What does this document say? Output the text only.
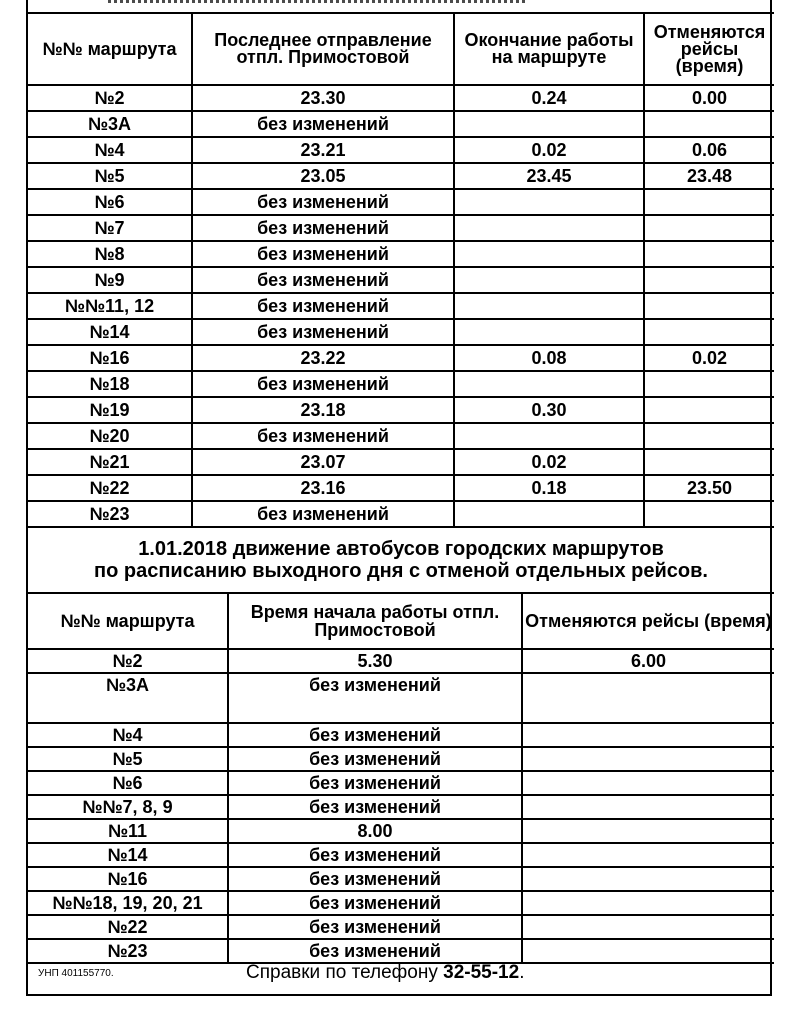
№№ маршрута	Последнее отправление отпл. Примостовой	Окончание работы на маршруте	Отменяются рейсы (время)
№2	23.30	0.24	0.00
№3А	без изменений		
№4	23.21	0.02	0.06
№5	23.05	23.45	23.48
№6	без изменений		
№7	без изменений		
№8	без изменений		
№9	без изменений		
№№11, 12	без изменений		
№14	без изменений		
№16	23.22	0.08	0.02
№18	без изменений		
№19	23.18	0.30	
№20	без изменений		
№21	23.07	0.02	
№22	23.16	0.18	23.50
№23	без изменений		
1.01.2018 движение автобусов городских маршрутов
по расписанию выходного дня с отменой отдельных рейсов.
№№ маршрута	Время начала работы отпл. Примостовой	Отменяются рейсы (время)
№2	5.30	6.00
№3А	без изменений	
№4	без изменений	
№5	без изменений	
№6	без изменений	
№№7, 8, 9	без изменений	
№11	8.00	
№14	без изменений	
№16	без изменений	
№№18, 19, 20, 21	без изменений	
№22	без изменений	
№23	без изменений	
УНП 401155770.	Справки по телефону 32-55-12.
